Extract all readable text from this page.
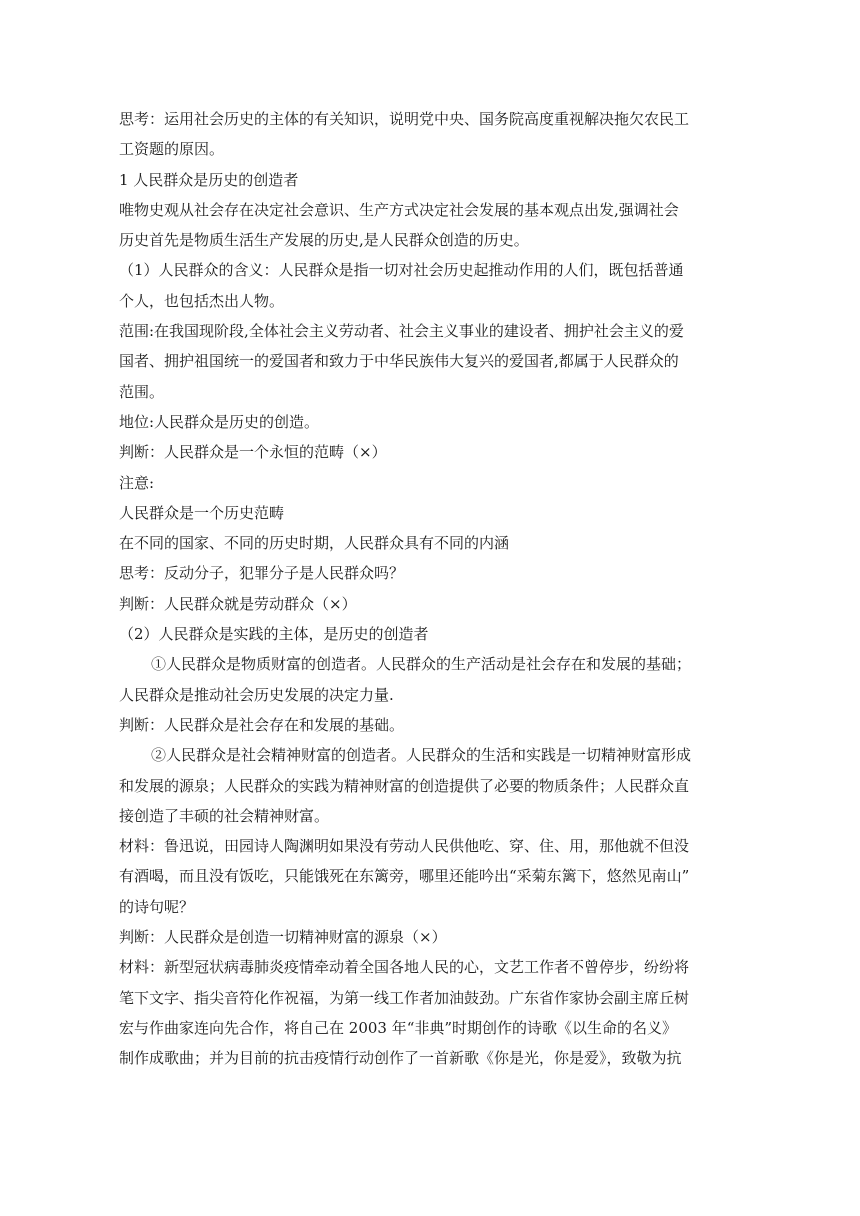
思考：运用社会历史的主体的有关知识，说明党中央、国务院高度重视解决拖欠农民工
工资题的原因。
1 人民群众是历史的创造者
唯物史观从社会存在决定社会意识、生产方式决定社会发展的基本观点出发,强调社会
历史首先是物质生活生产发展的历史,是人民群众创造的历史。
（1）人民群众的含义：人民群众是指一切对社会历史起推动作用的人们，既包括普通
个人，也包括杰出人物。
范围:在我国现阶段,全体社会主义劳动者、社会主义事业的建设者、拥护社会主义的爱
国者、拥护祖国统一的爱国者和致力于中华民族伟大复兴的爱国者,都属于人民群众的
范围。
地位:人民群众是历史的创造。
判断：人民群众是一个永恒的范畴（×）
注意:
人民群众是一个历史范畴
在不同的国家、不同的历史时期，人民群众具有不同的内涵
思考：反动分子，犯罪分子是人民群众吗？
判断：人民群众就是劳动群众（×）
（2）人民群众是实践的主体，是历史的创造者
①人民群众是物质财富的创造者。人民群众的生产活动是社会存在和发展的基础；
人民群众是推动社会历史发展的决定力量.
判断：人民群众是社会存在和发展的基础。
②人民群众是社会精神财富的创造者。人民群众的生活和实践是一切精神财富形成
和发展的源泉；人民群众的实践为精神财富的创造提供了必要的物质条件；人民群众直
接创造了丰硕的社会精神财富。
材料：鲁迅说，田园诗人陶渊明如果没有劳动人民供他吃、穿、住、用，那他就不但没
有酒喝，而且没有饭吃，只能饿死在东篱旁，哪里还能吟出“采菊东篱下，悠然见南山”
的诗句呢？
判断：人民群众是创造一切精神财富的源泉（×）
材料：新型冠状病毒肺炎疫情牵动着全国各地人民的心，文艺工作者不曾停步，纷纷将
笔下文字、指尖音符化作祝福，为第一线工作者加油鼓劲。广东省作家协会副主席丘树
宏与作曲家连向先合作，将自己在 2003 年“非典”时期创作的诗歌《以生命的名义》
制作成歌曲；并为目前的抗击疫情行动创作了一首新歌《你是光，你是爱》，致敬为抗
